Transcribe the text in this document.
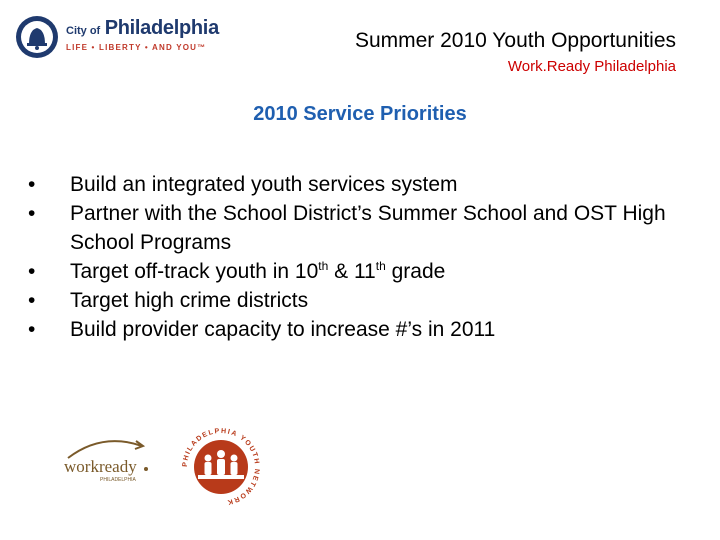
City of Philadelphia
LIFE • LIBERTY • AND YOU™	Summer 2010 Youth Opportunities
Work.Ready Philadelphia
2010 Service Priorities
• Build an integrated youth services system
• Partner with the School District’s Summer School and OST High School Programs
• Target off-track youth in 10th & 11th grade
• Target high crime districts
• Build provider capacity to increase #’s in 2011
workready
PHILADELPHIA
PHILADELPHIA YOUTH NETWORK
